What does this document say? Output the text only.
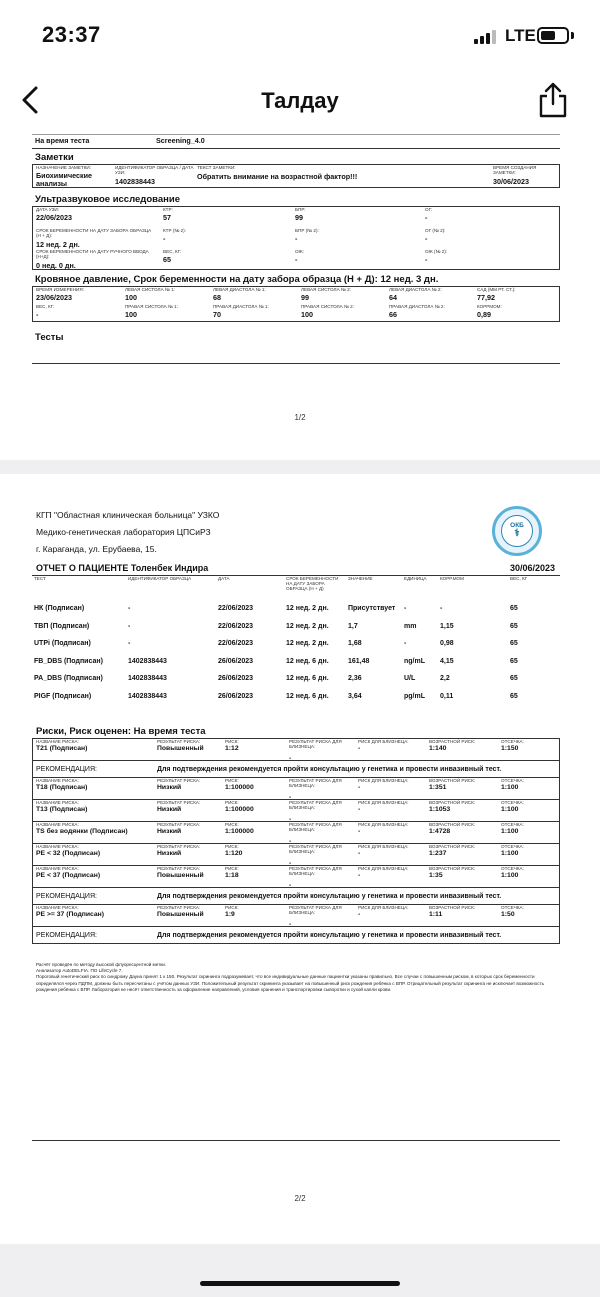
23:37	LTE
Талдау
На время теста	Screening_4.0
Заметки
НАЗНАЧЕНИЕ ЗАМЕТКИ:
Биохимические анализы
ИДЕНТИФИКАТОР ОБРАЗЦА / ДАТА УЗИ:
1402838443
ТЕКСТ ЗАМЕТКИ:
Обратить внимание на возрастной фактор!!!
ВРЕМЯ СОЗДАНИЯ ЗАМЕТКИ:
30/06/2023
Ультразвуковое исследование
ДАТА УЗИ:
22/06/2023
КТР:
57
БПР:
99
ОГ:
-
СРОК БЕРЕМЕННОСТИ НА ДАТУ ЗАБОРА ОБРАЗЦА (Н + Д):
12 нед. 2 дн.
КТР (№ 2):
-
БПР (№ 2):
-
ОГ (№ 2):
-
СРОК БЕРЕМЕННОСТИ НА ДАТУ РУЧНОГО ВВОДА (Н+Д):
0 нед. 0 дн.
ВЕС, КГ:
65
ОЖ:
-
ОЖ (№ 2):
-
Кровяное давление, Срок беременности на дату забора образца (Н + Д): 12 нед. 3 дн.
ВРЕМЯ ИЗМЕРЕНИЯ:
23/06/2023
ЛЕВАЯ СИСТОЛА № 1:
100
ЛЕВАЯ ДИАСТОЛА № 1:
68
ЛЕВАЯ СИСТОЛА № 2:
99
ЛЕВАЯ ДИАСТОЛА № 2:
64
САД (ММ РТ. СТ.):
77,92
ВЕС, КГ:
-
ПРАВАЯ СИСТОЛА № 1:
100
ПРАВАЯ ДИАСТОЛА № 1:
70
ПРАВАЯ СИСТОЛА № 2:
100
ПРАВАЯ ДИАСТОЛА № 2:
66
КОРРМОМ:
0,89
Тесты
1/2
КГП "Областная клиническая больница" УЗКО
Медико-генетическая лаборатория ЦПСиРЗ
г. Караганда, ул. Ерубаева, 15.
ОКБ
⚕
ОТЧЕТ О ПАЦИЕНТЕ Толенбек Индира	30/06/2023
ТЕСТ	ИДЕНТИФИКАТОР ОБРАЗЦА	ДАТА	СРОК БЕРЕМЕННОСТИ НА ДАТУ ЗАБОРА ОБРАЗЦА (Н + Д)	ЗНАЧЕНИЕ	ЕДИНИЦА	КОРР.МОМ	ВЕС, КГ
НК (Подписан)	-	22/06/2023	12 нед. 2 дн.	Присутствует	-	-	65
ТВП (Подписан)	-	22/06/2023	12 нед. 2 дн.	1,7	mm	1,15	65
UTPi (Подписан)	-	22/06/2023	12 нед. 2 дн.	1,68	-	0,98	65
FB_DBS (Подписан)	1402838443	26/06/2023	12 нед. 6 дн.	161,48	ng/mL	4,15	65
PA_DBS (Подписан)	1402838443	26/06/2023	12 нед. 6 дн.	2,36	U/L	2,2	65
PIGF (Подписан)	1402838443	26/06/2023	12 нед. 6 дн.	3,64	pg/mL	0,11	65
Риски, Риск оценен: На время теста
НАЗВАНИЕ РИСКА:
T21 (Подписан)
РЕЗУЛЬТАТ РИСКА:
Повышенный
РИСК:
1:12
РЕЗУЛЬТАТ РИСКА ДЛЯ БЛИЗНЕЦА:
-
РИСК ДЛЯ БЛИЗНЕЦА:
-
ВОЗРАСТНОЙ РИСК:
1:140
ОТСЕЧКА:
1:150
РЕКОМЕНДАЦИЯ:	Для подтверждения рекомендуется пройти консультацию у генетика и провести инвазивный тест.
НАЗВАНИЕ РИСКА:
T18 (Подписан)
РЕЗУЛЬТАТ РИСКА:
Низкий
РИСК:
1:100000
РЕЗУЛЬТАТ РИСКА ДЛЯ БЛИЗНЕЦА:
-
РИСК ДЛЯ БЛИЗНЕЦА:
-
ВОЗРАСТНОЙ РИСК:
1:351
ОТСЕЧКА:
1:100
НАЗВАНИЕ РИСКА:
T13 (Подписан)
РЕЗУЛЬТАТ РИСКА:
Низкий
РИСК:
1:100000
РЕЗУЛЬТАТ РИСКА ДЛЯ БЛИЗНЕЦА:
-
РИСК ДЛЯ БЛИЗНЕЦА:
-
ВОЗРАСТНОЙ РИСК:
1:1053
ОТСЕЧКА:
1:100
НАЗВАНИЕ РИСКА:
TS без водянки (Подписан)
РЕЗУЛЬТАТ РИСКА:
Низкий
РИСК:
1:100000
РЕЗУЛЬТАТ РИСКА ДЛЯ БЛИЗНЕЦА:
-
РИСК ДЛЯ БЛИЗНЕЦА:
-
ВОЗРАСТНОЙ РИСК:
1:4728
ОТСЕЧКА:
1:100
НАЗВАНИЕ РИСКА:
PE < 32 (Подписан)
РЕЗУЛЬТАТ РИСКА:
Низкий
РИСК:
1:120
РЕЗУЛЬТАТ РИСКА ДЛЯ БЛИЗНЕЦА:
-
РИСК ДЛЯ БЛИЗНЕЦА:
-
ВОЗРАСТНОЙ РИСК:
1:237
ОТСЕЧКА:
1:100
НАЗВАНИЕ РИСКА:
PE < 37 (Подписан)
РЕЗУЛЬТАТ РИСКА:
Повышенный
РИСК:
1:18
РЕЗУЛЬТАТ РИСКА ДЛЯ БЛИЗНЕЦА:
-
РИСК ДЛЯ БЛИЗНЕЦА:
-
ВОЗРАСТНОЙ РИСК:
1:35
ОТСЕЧКА:
1:100
РЕКОМЕНДАЦИЯ:	Для подтверждения рекомендуется пройти консультацию у генетика и провести инвазивный тест.
НАЗВАНИЕ РИСКА:
PE >= 37 (Подписан)
РЕЗУЛЬТАТ РИСКА:
Повышенный
РИСК:
1:9
РЕЗУЛЬТАТ РИСКА ДЛЯ БЛИЗНЕЦА:
-
РИСК ДЛЯ БЛИЗНЕЦА:
-
ВОЗРАСТНОЙ РИСК:
1:11
ОТСЕЧКА:
1:50
РЕКОМЕНДАЦИЯ:	Для подтверждения рекомендуется пройти консультацию у генетика и провести инвазивный тест.
Расчёт проведён по методу высокой флуоресцентной метки.
Анализатор AutoDELFIA. ПО LifeCycle 7.
Пороговый генетический риск по синдрому Дауна принят 1 к 150. Результат скрининга подразумевает, что все индивидуальные данные пациентки указаны правильно. Все случаи с повышенным риском, в которых срок беременности определялся через ПДПМ, должны быть пересчитаны с учётом данных УЗИ. Положительный результат скрининга указывает на повышенный риск рождения ребёнка с ВПР. Отрицательный результат скрининга не исключает возможность рождения ребёнка с ВПР. Лаборатория не несёт ответственность за оформление направлений, условия хранения и транспортировки сыворотки и сухой капли крови.
2/2
